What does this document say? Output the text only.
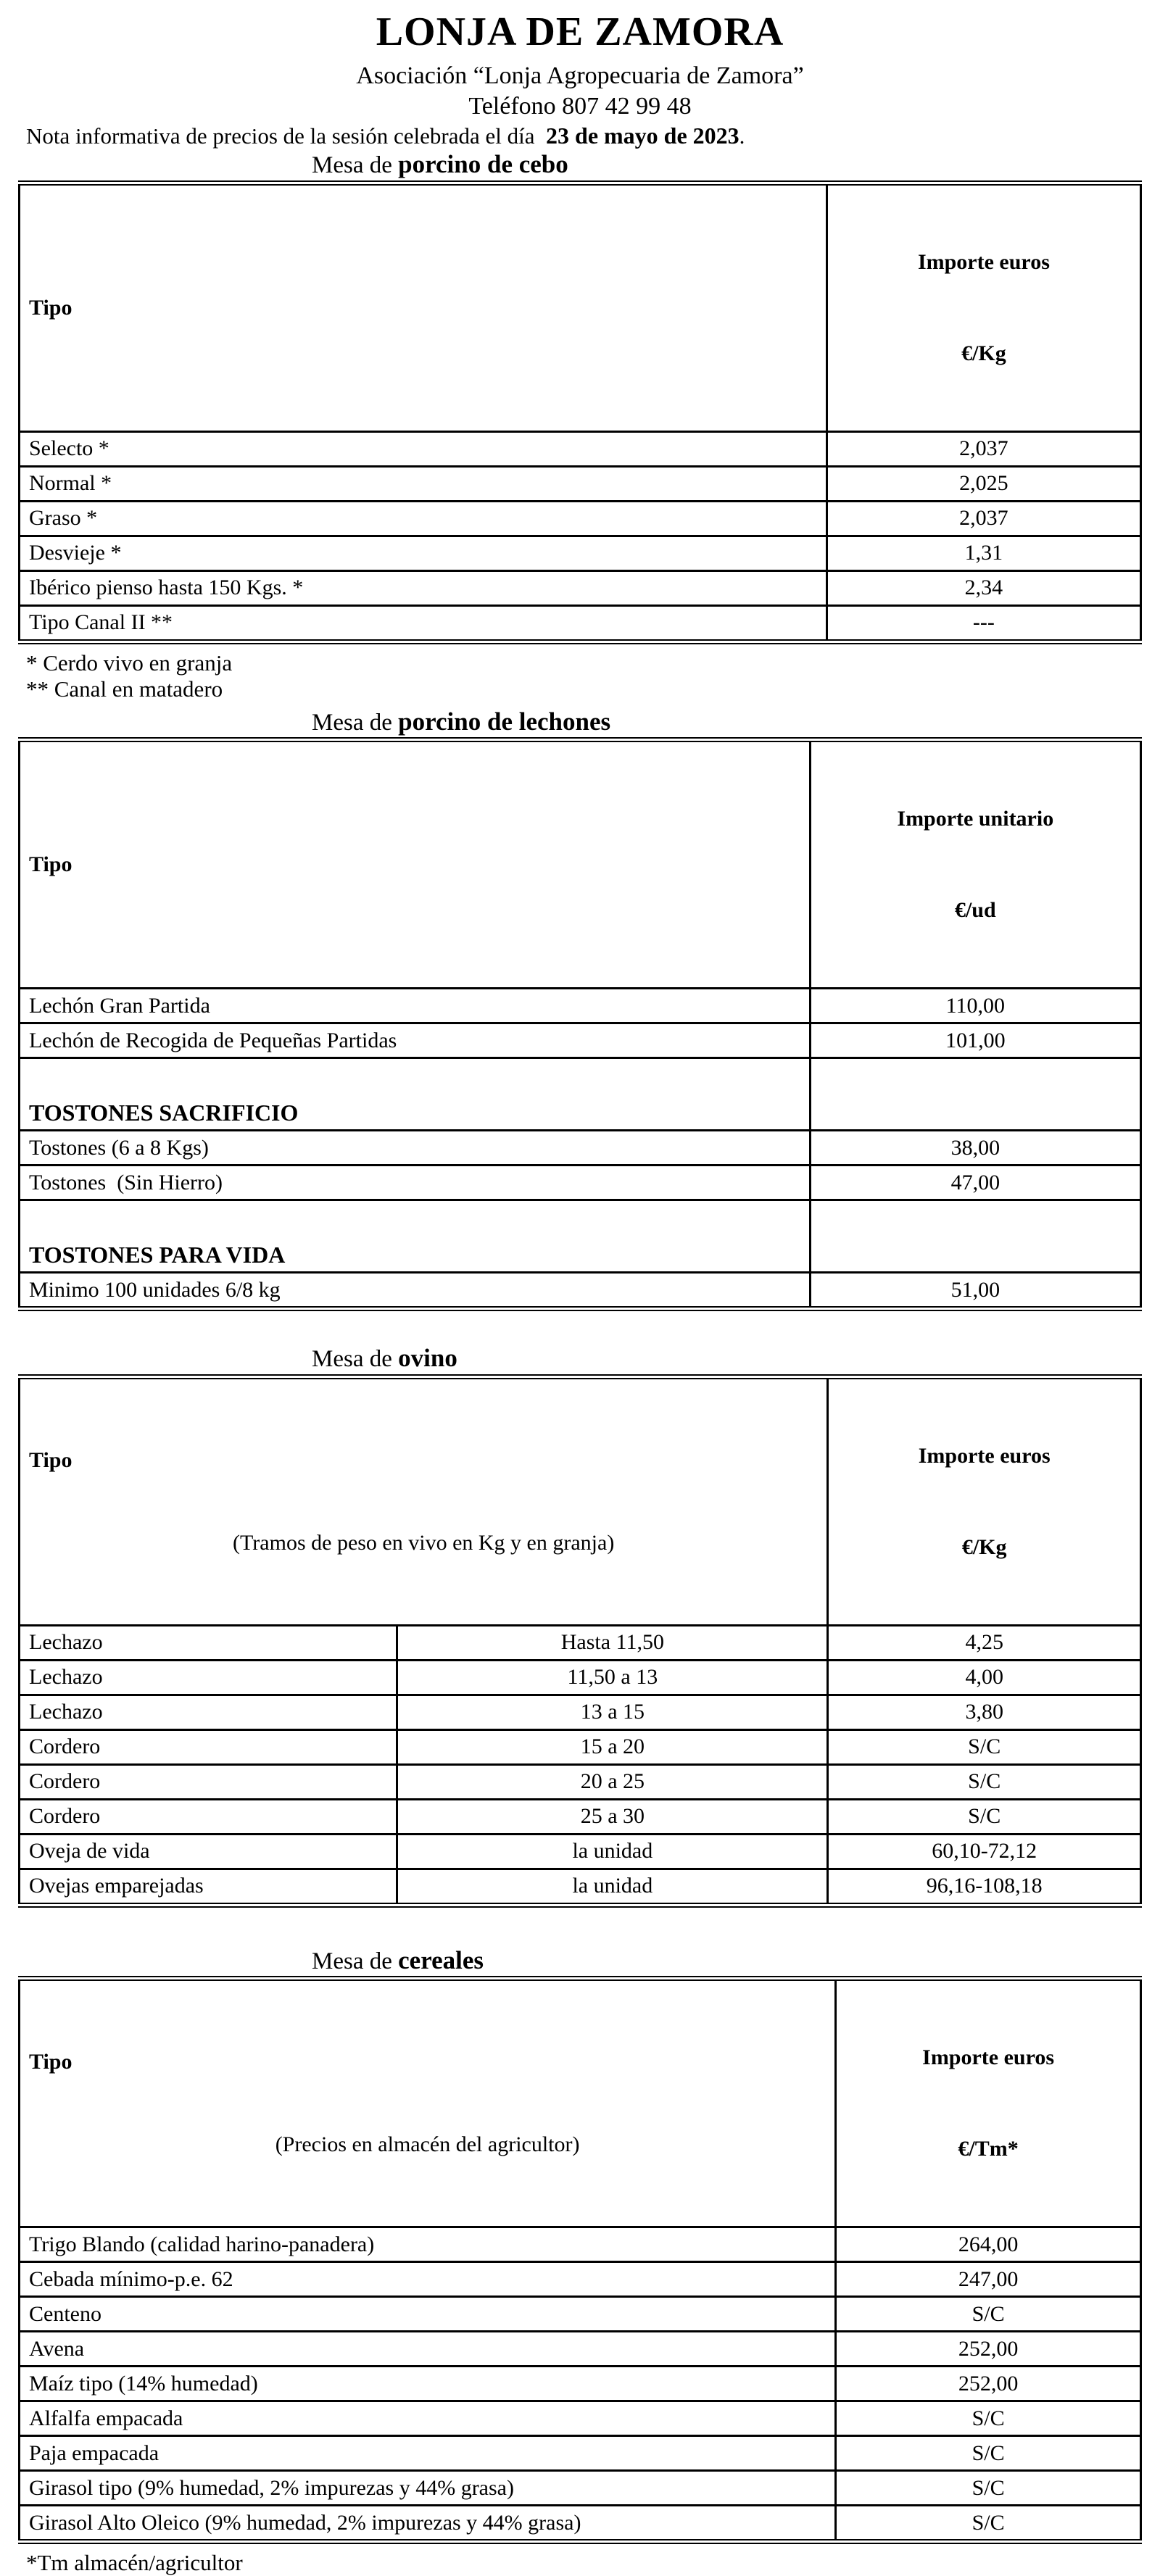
LONJA DE ZAMORA
Asociación “Lonja Agropecuaria de Zamora”
Teléfono 807 42 99 48
Nota informativa de precios de la sesión celebrada el día  23 de mayo de 2023.
Mesa de porcino de cebo
Tipo	Importe euros

€/Kg

Selecto *	2,037
Normal *	2,025
Graso *	2,037
Desvieje *	1,31
Ibérico pienso hasta 150 Kgs. *	2,34
Tipo Canal II **	---
* Cerdo vivo en granja
** Canal en matadero
Mesa de porcino de lechones
Tipo	Importe unitario

€/ud

Lechón Gran Partida	110,00
Lechón de Recogida de Pequeñas Partidas	101,00
TOSTONES SACRIFICIO	
Tostones (6 a 8 Kgs)	38,00
Tostones  (Sin Hierro)	47,00
TOSTONES PARA VIDA	
Minimo 100 unidades 6/8 kg	51,00
Mesa de ovino

Tipo

(Tramos de peso en vivo en Kg y en granja)

Importe euros

€/Kg

Lechazo	Hasta 11,50	4,25
Lechazo	11,50 a 13	4,00
Lechazo	13 a 15	3,80
Cordero	15 a 20	S/C
Cordero	20 a 25	S/C
Cordero	25 a 30	S/C
Oveja de vida	la unidad	60,10-72,12
Ovejas emparejadas	la unidad	96,16-108,18
Mesa de cereales

Tipo

(Precios en almacén del agricultor)

Importe euros

€/Tm*

Trigo Blando (calidad harino-panadera)	264,00
Cebada mínimo-p.e. 62	247,00
Centeno	S/C
Avena	252,00
Maíz tipo (14% humedad)	252,00
Alfalfa empacada	S/C
Paja empacada	S/C
Girasol tipo (9% humedad, 2% impurezas y 44% grasa)	S/C
Girasol Alto Oleico (9% humedad, 2% impurezas y 44% grasa)	S/C
*Tm almacén/agricultor
